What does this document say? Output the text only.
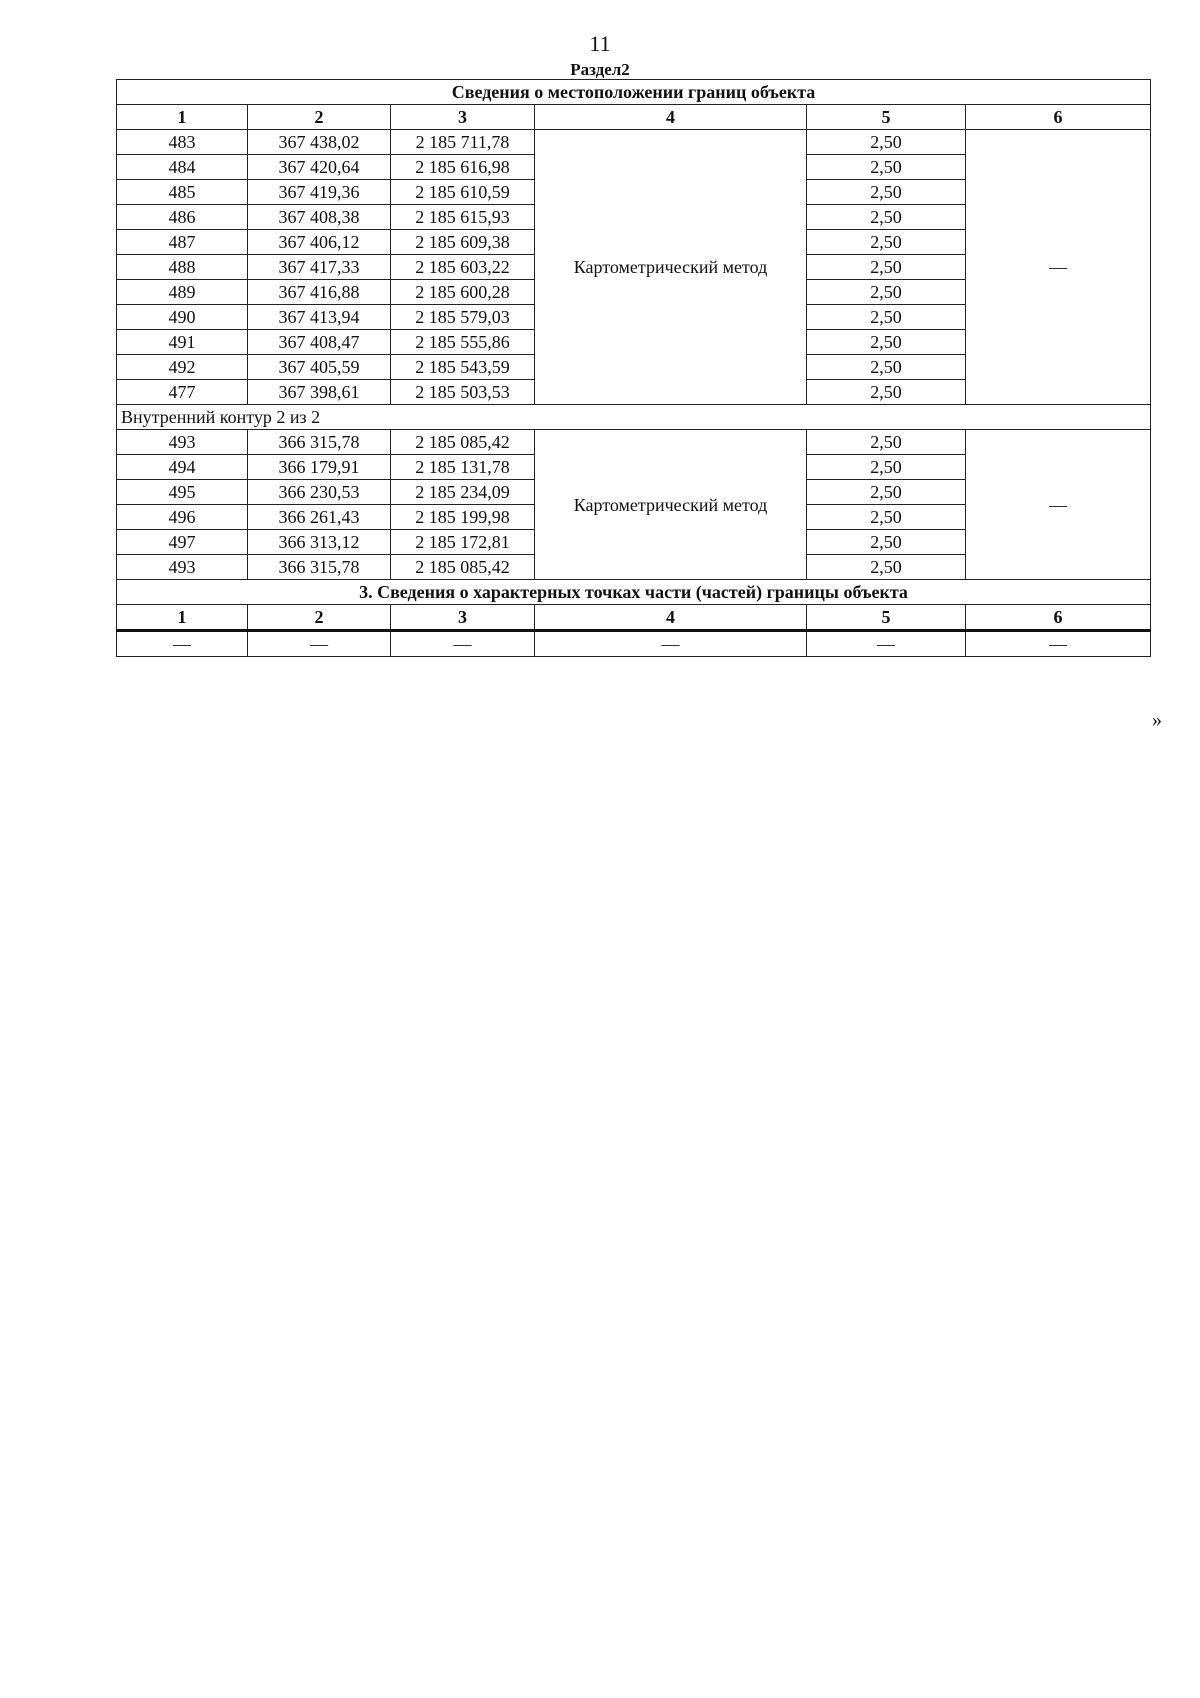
11
Раздел2
Сведения о местоположении границ объекта					
1	2	3	4	5	6
483	367 438,02	2 185 711,78	Картометрический метод	2,50	—
484	367 420,64	2 185 616,98		2,50	
485	367 419,36	2 185 610,59		2,50	
486	367 408,38	2 185 615,93		2,50	
487	367 406,12	2 185 609,38		2,50	
488	367 417,33	2 185 603,22		2,50	
489	367 416,88	2 185 600,28		2,50	
490	367 413,94	2 185 579,03		2,50	
491	367 408,47	2 185 555,86		2,50	
492	367 405,59	2 185 543,59		2,50	
477	367 398,61	2 185 503,53		2,50	
Внутренний контур 2 из 2					
493	366 315,78	2 185 085,42	Картометрический метод	2,50	—
494	366 179,91	2 185 131,78		2,50	
495	366 230,53	2 185 234,09		2,50	
496	366 261,43	2 185 199,98		2,50	
497	366 313,12	2 185 172,81		2,50	
493	366 315,78	2 185 085,42		2,50	
3. Сведения о характерных точках части (частей) границы объекта					
1	2	3	4	5	6
—	—	—	—	—	—
»
